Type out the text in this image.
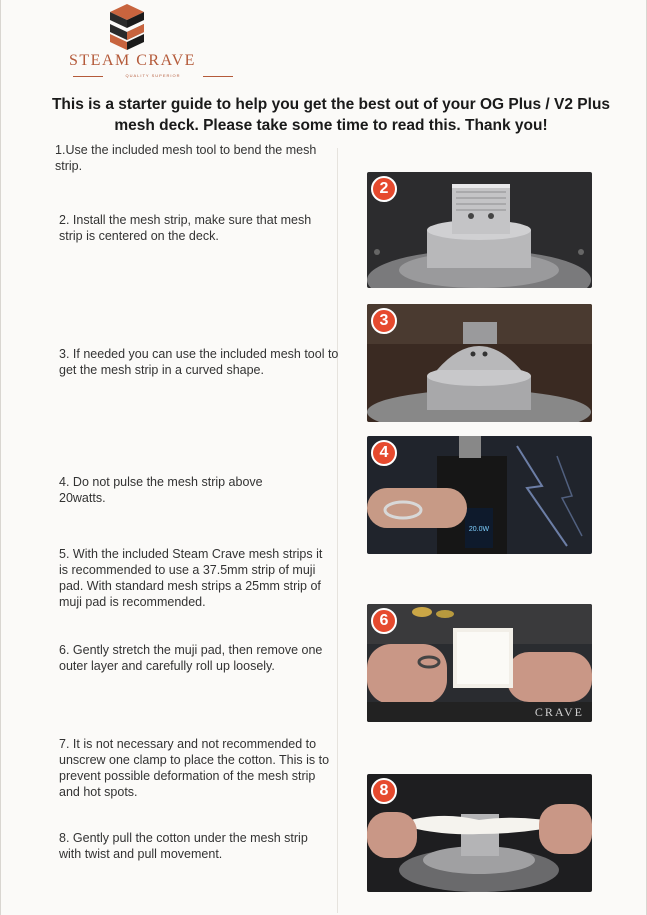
STEAM CRAVE
QUALITY SUPERIOR
This is a starter guide to help you get the best out of your OG Plus / V2 Plus mesh deck. Please take some time to read this. Thank you!
1.Use the included mesh tool to bend the mesh strip.
2. Install the mesh strip, make sure that mesh strip is centered on the deck.
3. If needed you can use the included mesh tool to get the mesh strip in a curved shape.
4. Do not pulse the mesh strip above 20watts.
5. With the included Steam Crave mesh strips it is recommended to use a 37.5mm strip of muji pad. With standard mesh strips a 25mm strip of muji pad is recommended.
6. Gently stretch the muji pad, then remove one outer layer and carefully roll up loosely.
7. It is not necessary and not recommended to unscrew one clamp to place the cotton. This is to prevent possible deformation of the mesh strip and hot spots.
8. Gently pull the cotton under the mesh strip with twist and pull movement.
2
3
4
20.0W
6
CRAVE
8
